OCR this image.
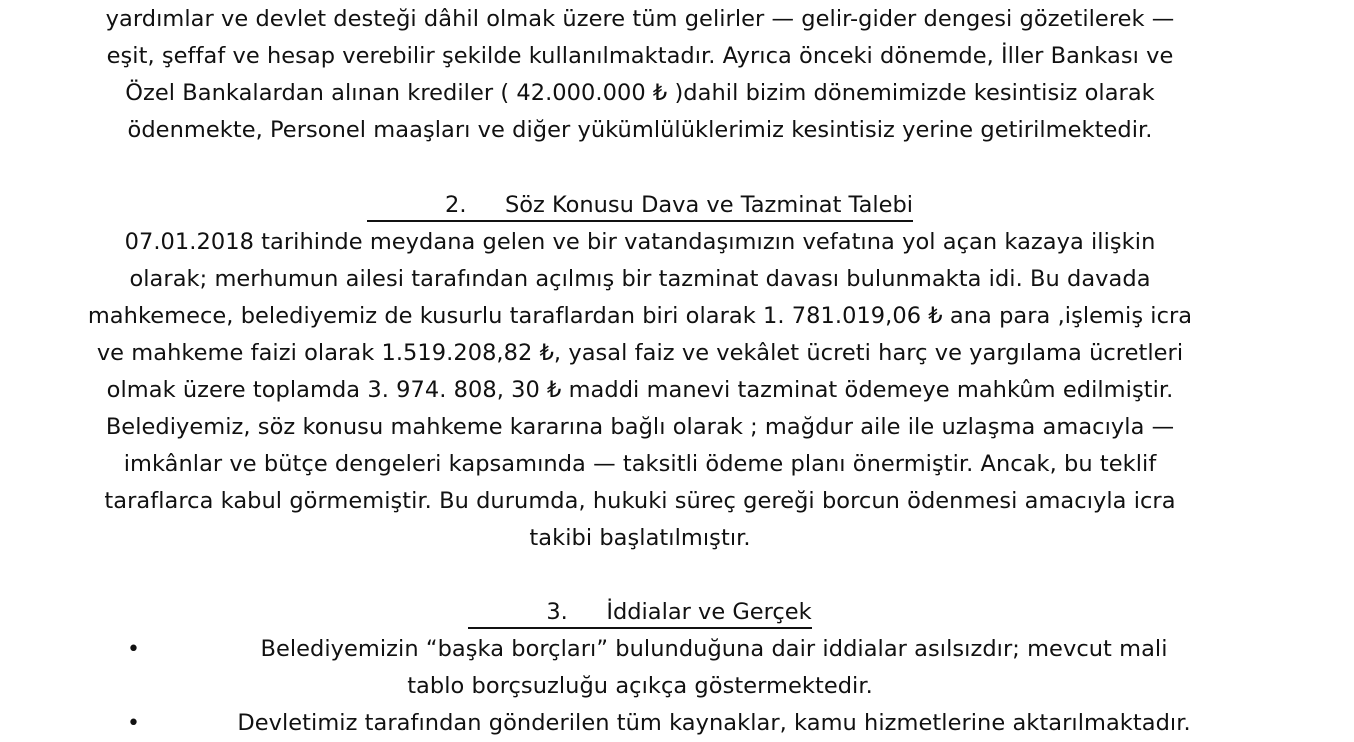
yardımlar ve devlet desteği dâhil olmak üzere tüm gelirler — gelir-gider dengesi gözetilerek —
eşit, şeffaf ve hesap verebilir şekilde kullanılmaktadır. Ayrıca önceki dönemde, İller Bankası ve
Özel Bankalardan alınan krediler ( 42.000.000 ₺ )dahil bizim dönemimizde kesintisiz olarak
ödenmekte, Personel maaşları ve diğer yükümlülüklerimiz kesintisiz yerine getirilmektedir.
2. Söz Konusu Dava ve Tazminat Talebi
07.01.2018 tarihinde meydana gelen ve bir vatandaşımızın vefatına yol açan kazaya ilişkin
olarak; merhumun ailesi tarafından açılmış bir tazminat davası bulunmakta idi. Bu davada
mahkemece, belediyemiz de kusurlu taraflardan biri olarak 1. 781.019,06 ₺ ana para ,işlemiş icra
ve mahkeme faizi olarak 1.519.208,82 ₺, yasal faiz ve vekâlet ücreti harç ve yargılama ücretleri
olmak üzere toplamda 3. 974. 808, 30 ₺ maddi manevi tazminat ödemeye mahkûm edilmiştir.
Belediyemiz, söz konusu mahkeme kararına bağlı olarak ; mağdur aile ile uzlaşma amacıyla —
imkânlar ve bütçe dengeleri kapsamında — taksitli ödeme planı önermiştir. Ancak, bu teklif
taraflarca kabul görmemiştir. Bu durumda, hukuki süreç gereği borcun ödenmesi amacıyla icra
takibi başlatılmıştır.
3. İddialar ve Gerçek
•	Belediyemizin “başka borçları” bulunduğuna dair iddialar asılsızdır; mevcut mali
tablo borçsuzluğu açıkça göstermektedir.
•	Devletimiz tarafından gönderilen tüm kaynaklar, kamu hizmetlerine aktarılmaktadır.
